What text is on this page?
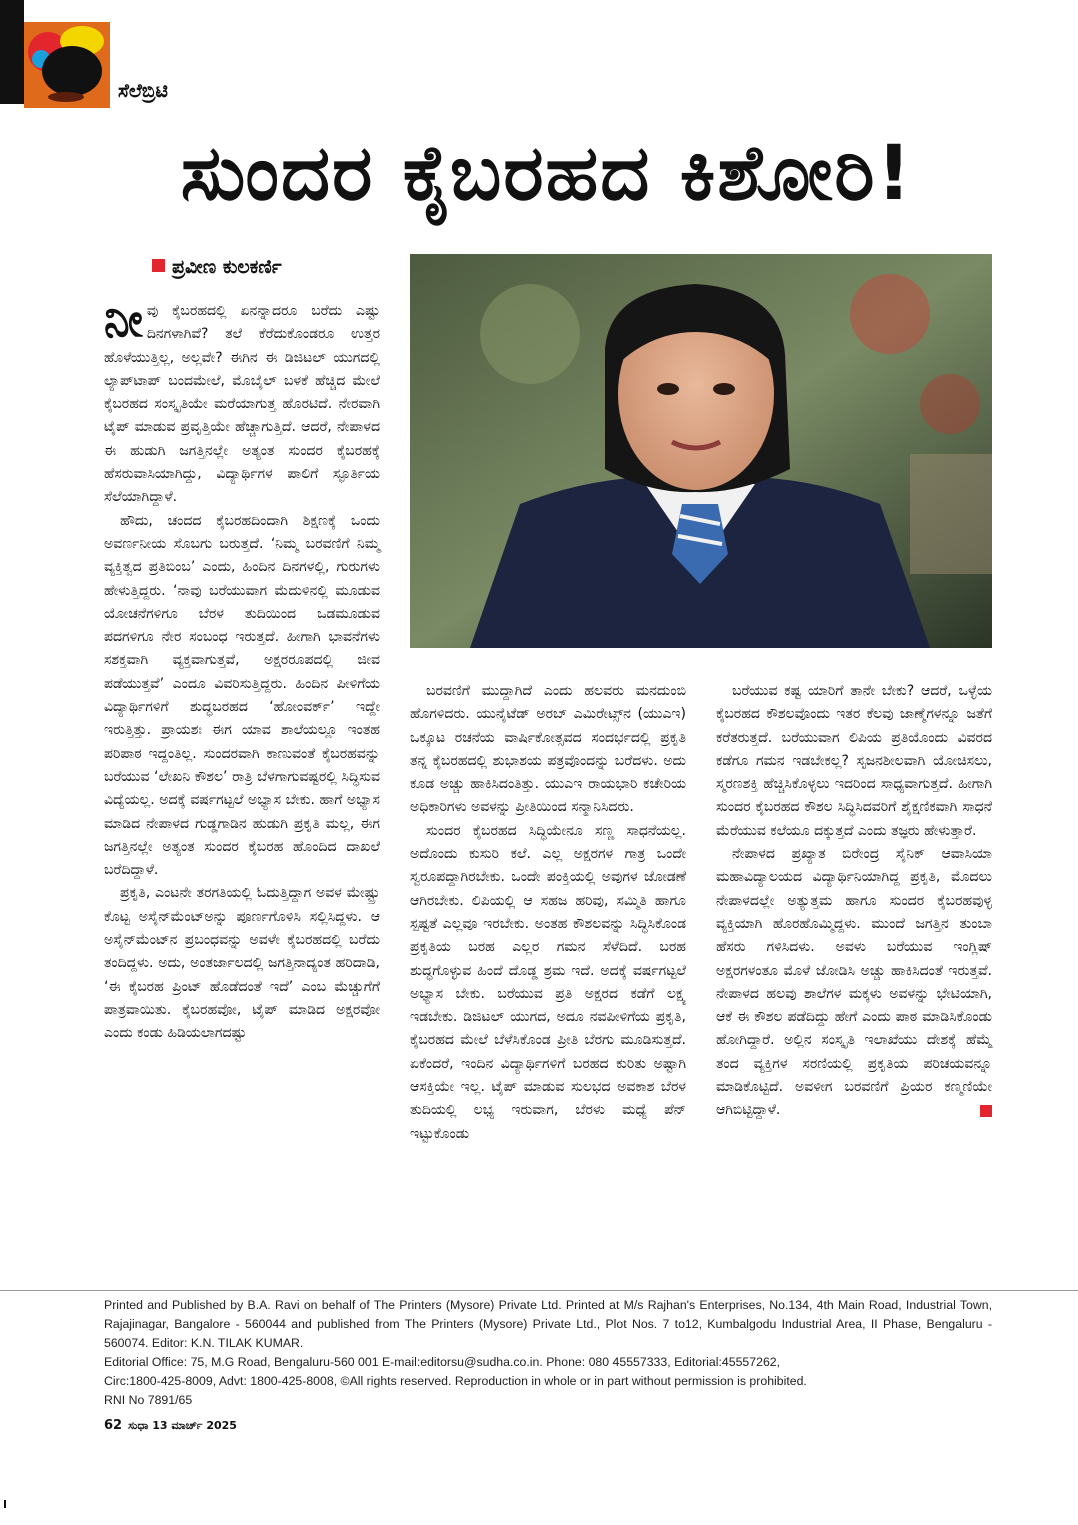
ಸೆಲೆಬ್ರಿಟಿ
ಸುಂದರ ಕೈಬರಹದ ಕಿಶೋರಿ!
ಪ್ರವೀಣ ಕುಲಕರ್ಣಿ

ನೀವು ಕೈಬರಹದಲ್ಲಿ ಏನನ್ನಾದರೂ ಬರೆದು ಎಷ್ಟು ದಿನಗಳಾಗಿವೆ? ತಲೆ ಕೆರೆದುಕೊಂಡರೂ ಉತ್ತರ ಹೊಳೆಯುತ್ತಿಲ್ಲ, ಅಲ್ಲವೇ? ಈಗಿನ ಈ ಡಿಜಿಟಲ್ ಯುಗದಲ್ಲಿ ಲ್ಯಾಪ್‌ಟಾಪ್ ಬಂದಮೇಲೆ, ಮೊಬೈಲ್ ಬಳಕೆ ಹೆಚ್ಚಿದ ಮೇಲೆ ಕೈಬರಹದ ಸಂಸ್ಕೃತಿಯೇ ಮರೆಯಾಗುತ್ತ ಹೊರಟಿದೆ. ನೇರವಾಗಿ ಟೈಪ್ ಮಾಡುವ ಪ್ರವೃತ್ತಿಯೇ ಹೆಚ್ಚಾಗುತ್ತಿದೆ. ಆದರೆ, ನೇಪಾಳದ ಈ ಹುಡುಗಿ ಜಗತ್ತಿನಲ್ಲೇ ಅತ್ಯಂತ ಸುಂದರ ಕೈಬರಹಕ್ಕೆ ಹೆಸರುವಾಸಿಯಾಗಿದ್ದು, ವಿದ್ಯಾರ್ಥಿಗಳ ಪಾಲಿಗೆ ಸ್ಫೂರ್ತಿಯ ಸೆಲೆಯಾಗಿದ್ದಾಳೆ.

ಹೌದು, ಚಂದದ ಕೈಬರಹದಿಂದಾಗಿ ಶಿಕ್ಷಣಕ್ಕೆ ಒಂದು ಅವರ್ಣನೀಯ ಸೊಬಗು ಬರುತ್ತದೆ. ‘ನಿಮ್ಮ ಬರವಣಿಗೆ ನಿಮ್ಮ ವ್ಯಕ್ತಿತ್ವದ ಪ್ರತಿಬಿಂಬ’ ಎಂದು, ಹಿಂದಿನ ದಿನಗಳಲ್ಲಿ, ಗುರುಗಳು ಹೇಳುತ್ತಿದ್ದರು. ‘ನಾವು ಬರೆಯುವಾಗ ಮೆದುಳಿನಲ್ಲಿ ಮೂಡುವ ಯೋಚನೆಗಳಿಗೂ ಬೆರಳ ತುದಿಯಿಂದ ಒಡಮೂಡುವ ಪದಗಳಿಗೂ ನೇರ ಸಂಬಂಧ ಇರುತ್ತದೆ. ಹೀಗಾಗಿ ಭಾವನೆಗಳು ಸಶಕ್ತವಾಗಿ ವ್ಯಕ್ತವಾಗುತ್ತವೆ, ಅಕ್ಷರರೂಪದಲ್ಲಿ ಜೀವ ಪಡೆಯುತ್ತವೆ’ ಎಂದೂ ವಿವರಿಸುತ್ತಿದ್ದರು. ಹಿಂದಿನ ಪೀಳಿಗೆಯ ವಿದ್ಯಾರ್ಥಿಗಳಿಗೆ ಶುದ್ಧಬರಹದ ‘ಹೋಂವರ್ಕ್’ ಇದ್ದೇ ಇರುತ್ತಿತ್ತು. ಪ್ರಾಯಶಃ ಈಗ ಯಾವ ಶಾಲೆಯಲ್ಲೂ ಇಂತಹ ಪರಿಪಾಠ ಇದ್ದಂತಿಲ್ಲ. ಸುಂದರವಾಗಿ ಕಾಣುವಂತೆ ಕೈಬರಹವನ್ನು ಬರೆಯುವ ‘ಲೇಖನಿ ಕೌಶಲ’ ರಾತ್ರಿ ಬೆಳಗಾಗುವಷ್ಟರಲ್ಲಿ ಸಿದ್ಧಿಸುವ ವಿದ್ಯೆಯಲ್ಲ. ಅದಕ್ಕೆ ವರ್ಷಗಟ್ಟಲೆ ಅಭ್ಯಾಸ ಬೇಕು. ಹಾಗೆ ಅಭ್ಯಾಸ ಮಾಡಿದ ನೇಪಾಳದ ಗುಡ್ಡಗಾಡಿನ ಹುಡುಗಿ ಪ್ರಕೃತಿ ಮಲ್ಲ, ಈಗ ಜಗತ್ತಿನಲ್ಲೇ ಅತ್ಯಂತ ಸುಂದರ ಕೈಬರಹ ಹೊಂದಿದ ದಾಖಲೆ ಬರೆದಿದ್ದಾಳೆ.

ಪ್ರಕೃತಿ, ಎಂಟನೇ ತರಗತಿಯಲ್ಲಿ ಓದುತ್ತಿದ್ದಾಗ ಅವಳ ಮೇಷ್ಟ್ರು ಕೊಟ್ಟ ಅಸೈನ್‌ಮೆಂಟ್‌ಅನ್ನು ಪೂರ್ಣಗೊಳಿಸಿ ಸಲ್ಲಿಸಿದ್ದಳು. ಆ ಅಸೈನ್‌ಮೆಂಟ್‌ನ ಪ್ರಬಂಧವನ್ನು ಅವಳೇ ಕೈಬರಹದಲ್ಲಿ ಬರೆದು ತಂದಿದ್ದಳು. ಅದು, ಅಂತರ್ಜಾಲದಲ್ಲಿ ಜಗತ್ತಿನಾದ್ಯಂತ ಹರಿದಾಡಿ, ‘ಈ ಕೈಬರಹ ಪ್ರಿಂಟ್ ಹೊಡೆದಂತೆ ಇದೆ’ ಎಂಬ ಮೆಚ್ಚುಗೆಗೆ ಪಾತ್ರವಾಯಿತು. ಕೈಬರಹವೋ, ಟೈಪ್ ಮಾಡಿದ ಅಕ್ಷರವೋ ಎಂದು ಕಂಡು ಹಿಡಿಯಲಾಗದಷ್ಟು

ಬರವಣಿಗೆ ಮುದ್ದಾಗಿದೆ ಎಂದು ಹಲವರು ಮನದುಂಬಿ ಹೊಗಳಿದರು. ಯುನೈಟೆಡ್ ಅರಬ್ ಎಮಿರೇಟ್ಸ್‌ನ (ಯುಎಇ) ಒಕ್ಕೂಟ ರಚನೆಯ ವಾರ್ಷಿಕೋತ್ಸವದ ಸಂದರ್ಭದಲ್ಲಿ ಪ್ರಕೃತಿ ತನ್ನ ಕೈಬರಹದಲ್ಲಿ ಶುಭಾಶಯ ಪತ್ರವೊಂದನ್ನು ಬರೆದಳು. ಅದು ಕೂಡ ಅಚ್ಚು ಹಾಕಿಸಿದಂತಿತ್ತು. ಯುಎಇ ರಾಯಭಾರಿ ಕಚೇರಿಯ ಅಧಿಕಾರಿಗಳು ಅವಳನ್ನು ಪ್ರೀತಿಯಿಂದ ಸನ್ಮಾನಿಸಿದರು.

ಸುಂದರ ಕೈಬರಹದ ಸಿದ್ಧಿಯೇನೂ ಸಣ್ಣ ಸಾಧನೆಯಲ್ಲ. ಅದೊಂದು ಕುಸುರಿ ಕಲೆ. ಎಲ್ಲ ಅಕ್ಷರಗಳ ಗಾತ್ರ ಒಂದೇ ಸ್ವರೂಪದ್ದಾಗಿರಬೇಕು. ಒಂದೇ ಪಂಕ್ತಿಯಲ್ಲಿ ಅವುಗಳ ಜೋಡಣೆ ಆಗಿರಬೇಕು. ಲಿಪಿಯಲ್ಲಿ ಆ ಸಹಜ ಹರಿವು, ಸಮ್ಮಿತಿ ಹಾಗೂ ಸ್ಪಷ್ಟತೆ ಎಲ್ಲವೂ ಇರಬೇಕು. ಅಂತಹ ಕೌಶಲವನ್ನು ಸಿದ್ಧಿಸಿಕೊಂಡ ಪ್ರಕೃತಿಯ ಬರಹ ಎಲ್ಲರ ಗಮನ ಸೆಳೆದಿದೆ. ಬರಹ ಶುದ್ಧಗೊಳ್ಳುವ ಹಿಂದೆ ದೊಡ್ಡ ಶ್ರಮ ಇದೆ. ಅದಕ್ಕೆ ವರ್ಷಗಟ್ಟಲೆ ಅಭ್ಯಾಸ ಬೇಕು. ಬರೆಯುವ ಪ್ರತಿ ಅಕ್ಷರದ ಕಡೆಗೆ ಲಕ್ಷ್ಯ ಇಡಬೇಕು. ಡಿಜಿಟಲ್ ಯುಗದ, ಅದೂ ನವಪೀಳಿಗೆಯ ಪ್ರಕೃತಿ, ಕೈಬರಹದ ಮೇಲೆ ಬೆಳೆಸಿಕೊಂಡ ಪ್ರೀತಿ ಬೆರಗು ಮೂಡಿಸುತ್ತದೆ. ಏಕೆಂದರೆ, ಇಂದಿನ ವಿದ್ಯಾರ್ಥಿಗಳಿಗೆ ಬರಹದ ಕುರಿತು ಅಷ್ಟಾಗಿ ಆಸಕ್ತಿಯೇ ಇಲ್ಲ. ಟೈಪ್ ಮಾಡುವ ಸುಲಭದ ಅವಕಾಶ ಬೆರಳ ತುದಿಯಲ್ಲಿ ಲಭ್ಯ ಇರುವಾಗ, ಬೆರಳು ಮಧ್ಯೆ ಪೆನ್ ಇಟ್ಟುಕೊಂಡು

ಬರೆಯುವ ಕಷ್ಟ ಯಾರಿಗೆ ತಾನೇ ಬೇಕು? ಆದರೆ, ಒಳ್ಳೆಯ ಕೈಬರಹದ ಕೌಶಲವೊಂದು ಇತರ ಕೆಲವು ಜಾಣ್ಮೆಗಳನ್ನೂ ಜತೆಗೆ ಕರೆತರುತ್ತದೆ. ಬರೆಯುವಾಗ ಲಿಪಿಯ ಪ್ರತಿಯೊಂದು ವಿವರದ ಕಡೆಗೂ ಗಮನ ಇಡಬೇಕಲ್ಲ? ಸೃಜನಶೀಲವಾಗಿ ಯೋಚಿಸಲು, ಸ್ಮರಣಶಕ್ತಿ ಹೆಚ್ಚಿಸಿಕೊಳ್ಳಲು ಇದರಿಂದ ಸಾಧ್ಯವಾಗುತ್ತದೆ. ಹೀಗಾಗಿ ಸುಂದರ ಕೈಬರಹದ ಕೌಶಲ ಸಿದ್ಧಿಸಿದವರಿಗೆ ಶೈಕ್ಷಣಿಕವಾಗಿ ಸಾಧನೆ ಮೆರೆಯುವ ಕಲೆಯೂ ದಕ್ಕುತ್ತದೆ ಎಂದು ತಜ್ಞರು ಹೇಳುತ್ತಾರೆ.

ನೇಪಾಳದ ಪ್ರಖ್ಯಾತ ಬಿರೇಂದ್ರ ಸೈನಿಕ್ ಆವಾಸಿಯಾ ಮಹಾವಿದ್ಯಾಲಯದ ವಿದ್ಯಾರ್ಥಿನಿಯಾಗಿದ್ದ ಪ್ರಕೃತಿ, ಮೊದಲು ನೇಪಾಳದಲ್ಲೇ ಅತ್ಯುತ್ತಮ ಹಾಗೂ ಸುಂದರ ಕೈಬರಹವುಳ್ಳ ವ್ಯಕ್ತಿಯಾಗಿ ಹೊರಹೊಮ್ಮಿದ್ದಳು. ಮುಂದೆ ಜಗತ್ತಿನ ತುಂಬಾ ಹೆಸರು ಗಳಿಸಿದಳು. ಅವಳು ಬರೆಯುವ ಇಂಗ್ಲಿಷ್ ಅಕ್ಷರಗಳಂತೂ ಮೊಳೆ ಜೋಡಿಸಿ ಅಚ್ಚು ಹಾಕಿಸಿದಂತೆ ಇರುತ್ತವೆ. ನೇಪಾಳದ ಹಲವು ಶಾಲೆಗಳ ಮಕ್ಕಳು ಅವಳನ್ನು ಭೇಟಿಯಾಗಿ, ಆಕೆ ಈ ಕೌಶಲ ಪಡೆದಿದ್ದು ಹೇಗೆ ಎಂದು ಪಾಠ ಮಾಡಿಸಿಕೊಂಡು ಹೋಗಿದ್ದಾರೆ. ಅಲ್ಲಿನ ಸಂಸ್ಕೃತಿ ಇಲಾಖೆಯು ದೇಶಕ್ಕೆ ಹೆಮ್ಮೆ ತಂದ ವ್ಯಕ್ತಿಗಳ ಸರಣಿಯಲ್ಲಿ ಪ್ರಕೃತಿಯ ಪರಿಚಯವನ್ನೂ ಮಾಡಿಕೊಟ್ಟಿದೆ. ಅವಳೀಗ ಬರವಣಿಗೆ ಪ್ರಿಯರ ಕಣ್ಮಣಿಯೇ ಆಗಿಬಿಟ್ಟಿದ್ದಾಳೆ.

Printed and Published by B.A. Ravi on behalf of The Printers (Mysore) Private Ltd. Printed at M/s Rajhan's Enterprises, No.134, 4th Main Road, Industrial Town, Rajajinagar, Bangalore - 560044 and published from The Printers (Mysore) Private Ltd., Plot Nos. 7 to12, Kumbalgodu Industrial Area, II Phase, Bengaluru - 560074. Editor: K.N. TILAK KUMAR.

Editorial Office: 75, M.G Road, Bengaluru-560 001 E-mail:editorsu@sudha.co.in. Phone: 080 45557333, Editorial:45557262,

Circ:1800-425-8009, Advt: 1800-425-8008, ©All rights reserved. Reproduction in whole or in part without permission is prohibited.

RNI No 7891/65

62 ಸುಧಾ 13 ಮಾರ್ಚ್ 2025
